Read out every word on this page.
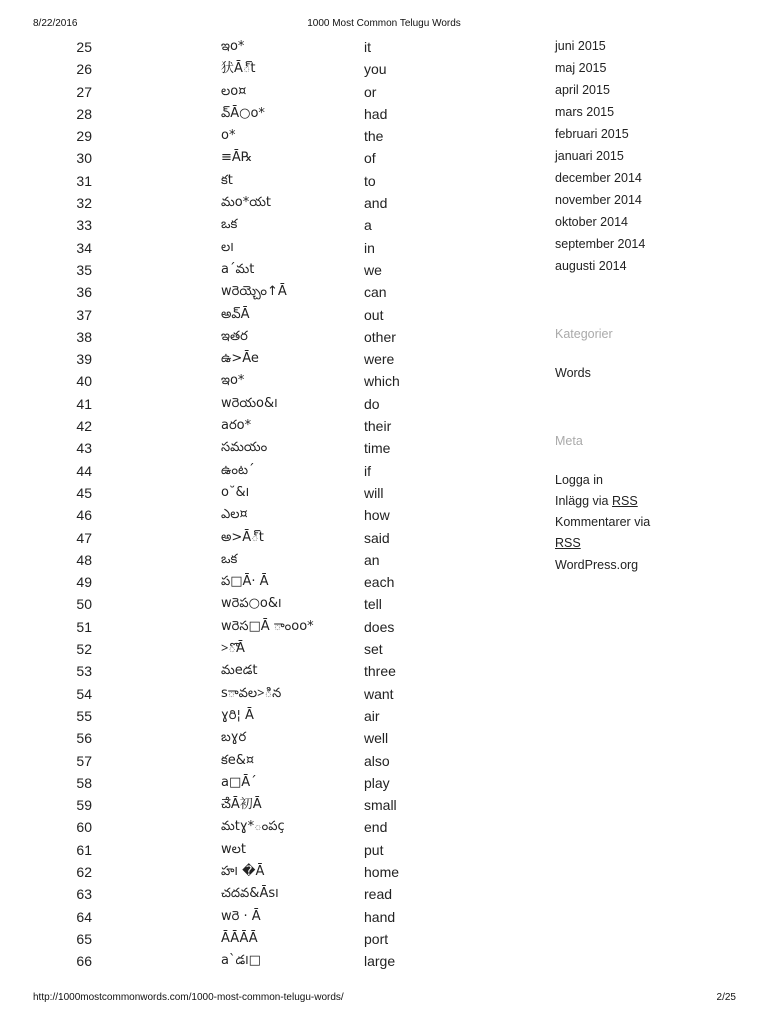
8/22/2016	1000 Most Common Telugu Words
25	ఇo*	it
26	犾Ā్t	you
27	లo¤	or
28	వ్Ā○o*	had
29	o*	the
30	≡Ā℞	of
31	కt	to
32	మo*యt	and
33	ఒక	a
34	ల౹	in
35	a´మt	we
36	wరెయ్చెం↑Ā	can
37	అవ్Ā	out
38	ఇతర	other
39	ఉ>Āe	were
40	ఇo*	which
41	wరెయo&౹	do
42	aరo*	their
43	సమయం	time
44	ఉంట´	if
45	o˘&౹	will
46	ఎల¤	how
47	అ>Ā్t	said
48	ఒక	an
49	ప□Ā· Ā	each
50	wరెప○o&౹	tell
51	wరెస□Ā ాంoo*	does
52	>ొĀ	set
53	మeడt	three
54	sావల>ిన	want
55	ɣరి¦ Ā	air
56	బɣర	well
57	కe&¤	also
58	a□Ā´	play
59	ౘĀ初Ā	small
60	మtɣ*ంపç	end
61	wలt	put
62	హ౹ �Ā	home
63	చదవ&Ās౹	read
64	wరె · Ā	hand
65	ĀĀĀĀ	port
66	a`డ౹□	large
juni 2015
maj 2015
april 2015
mars 2015
februari 2015
januari 2015
december 2014
november 2014
oktober 2014
september 2014
augusti 2014
Kategorier
Words
Meta
Logga in
Inlägg via RSS
Kommentarer via
RSS
WordPress.org
http://1000mostcommonwords.com/1000-most-common-telugu-words/	2/25
